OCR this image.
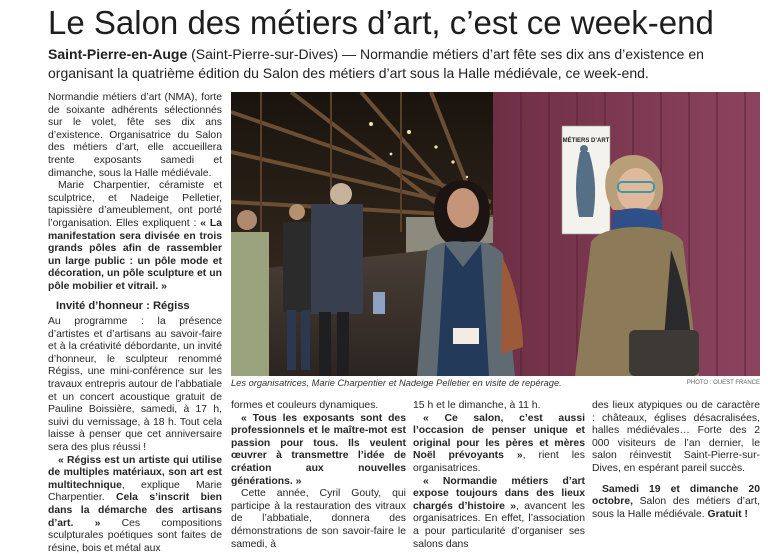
Le Salon des métiers d’art, c’est ce week-end
Saint-Pierre-en-Auge (Saint-Pierre-sur-Dives) — Normandie métiers d’art fête ses dix ans d’existence en organisant la quatrième édition du Salon des métiers d’art sous la Halle médiévale, ce week-end.

Normandie métiers d’art (NMA), forte de soixante adhérents sélectionnés sur le volet, fête ses dix ans d’existence. Organisatrice du Salon des métiers d’art, elle accueillera trente exposants samedi et dimanche, sous la Halle médiévale.

Marie Charpentier, céramiste et sculptrice, et Nadeige Pelletier, tapissière d’ameublement, ont porté l’organisation. Elles expliquent : « La manifestation sera divisée en trois grands pôles afin de rassembler un large public : un pôle mode et décoration, un pôle sculpture et un pôle mobilier et vitrail. »

Invité d’honneur : Régiss

Au programme : la présence d’artistes et d’artisans au savoir-faire et à la créativité débordante, un invité d’honneur, le sculpteur renommé Régiss, une mini-conférence sur les travaux entrepris autour de l’abbatiale et un concert acoustique gratuit de Pauline Boissière, samedi, à 17 h, suivi du vernissage, à 18 h. Tout cela laisse à penser que cet anniversaire sera des plus réussi !

« Régiss est un artiste qui utilise de multiples matériaux, son art est multitechnique, explique Marie Charpentier. Cela s’inscrit bien dans la démarche des artisans d’art. » Ces compositions sculpturales poétiques sont faites de résine, bois et métal aux

MÉTIERS D’ART
Les organisatrices, Marie Charpentier et Nadeige Pelletier en visite de repérage.	PHOTO : OUEST FRANCE

formes et couleurs dynamiques.

« Tous les exposants sont des professionnels et le maître-mot est passion pour tous. Ils veulent œuvrer à transmettre l’idée de création aux nouvelles générations. »

Cette année, Cyril Gouty, qui participe à la restauration des vitraux de l’abbatiale, donnera des démonstrations de son savoir-faire le samedi, à

15 h et le dimanche, à 11 h.

« Ce salon, c’est aussi l’occasion de penser unique et original pour les pères et mères Noël prévoyants », rient les organisatrices.

« Normandie métiers d’art expose toujours dans des lieux chargés d’histoire », avancent les organisatrices. En effet, l’association a pour particularité d’organiser ses salons dans

des lieux atypiques ou de caractère : châteaux, églises désacralisées, halles médiévales… Forte des 2 000 visiteurs de l’an dernier, le salon réinvestit Saint-Pierre-sur-Dives, en espérant pareil succès.

Samedi 19 et dimanche 20 octobre, Salon des métiers d’art, sous la Halle médiévale. Gratuit !
